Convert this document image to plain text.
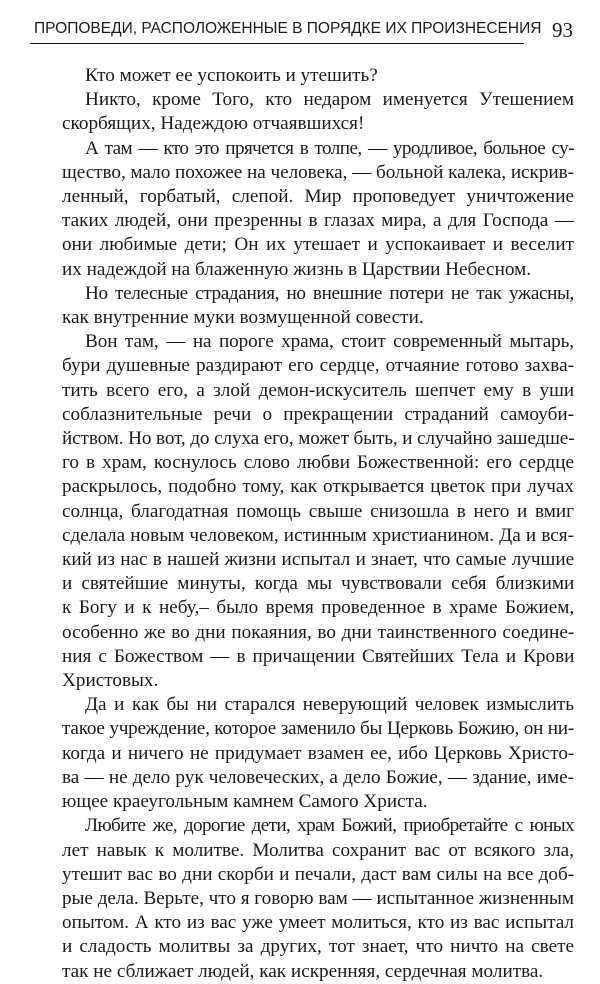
ПРОПОВЕДИ, РАСПОЛОЖЕННЫЕ В ПОРЯДКЕ ИХ ПРОИЗНЕСЕНИЯ 93

Кто может ее успокоить и утешить?

Никто, кроме Того, кто недаром именуется Утешением
скорбящих, Надеждою отчаявшихся!

А там — кто это прячется в толпе, — уродливое, больное су-
щество, мало похожее на человека, — больной калека, искрив-
ленный, горбатый, слепой. Мир проповедует уничтожение
таких людей, они презренны в глазах мира, а для Господа —
они любимые дети; Он их утешает и успокаивает и веселит
их надеждой на блаженную жизнь в Царствии Небесном.

Но телесные страдания, но внешние потери не так ужасны,
как внутренние муки возмущенной совести.

Вон там, — на пороге храма, стоит современный мытарь,
бури душевные раздирают его сердце, отчаяние готово захва-
тить всего его, а злой демон-искуситель шепчет ему в уши
соблазнительные речи о прекращении страданий самоуби-
йством. Но вот, до слуха его, может быть, и случайно зашедше-
го в храм, коснулось слово любви Божественной: его сердце
раскрылось, подобно тому, как открывается цветок при лучах
солнца, благодатная помощь свыше снизошла в него и вмиг
сделала новым человеком, истинным христианином. Да и вся-
кий из нас в нашей жизни испытал и знает, что самые лучшие
и святейшие минуты, когда мы чувствовали себя близкими
к Богу и к небу,– было время проведенное в храме Божием,
особенно же во дни покаяния, во дни таинственного соедине-
ния с Божеством — в причащении Святейших Тела и Крови
Христовых.

Да и как бы ни старался неверующий человек измыслить
такое учреждение, которое заменило бы Церковь Божию, он ни-
когда и ничего не придумает взамен ее, ибо Церковь Христо-
ва — не дело рук человеческих, а дело Божие, — здание, име-
ющее краеугольным камнем Самого Христа.

Любите же, дорогие дети, храм Божий, приобретайте с юных
лет навык к молитве. Молитва сохранит вас от всякого зла,
утешит вас во дни скорби и печали, даст вам силы на все доб-
рые дела. Верьте, что я говорю вам — испытанное жизненным
опытом. А кто из вас уже умеет молиться, кто из вас испытал
и сладость молитвы за других, тот знает, что ничто на свете
так не сближает людей, как искренняя, сердечная молитва.
